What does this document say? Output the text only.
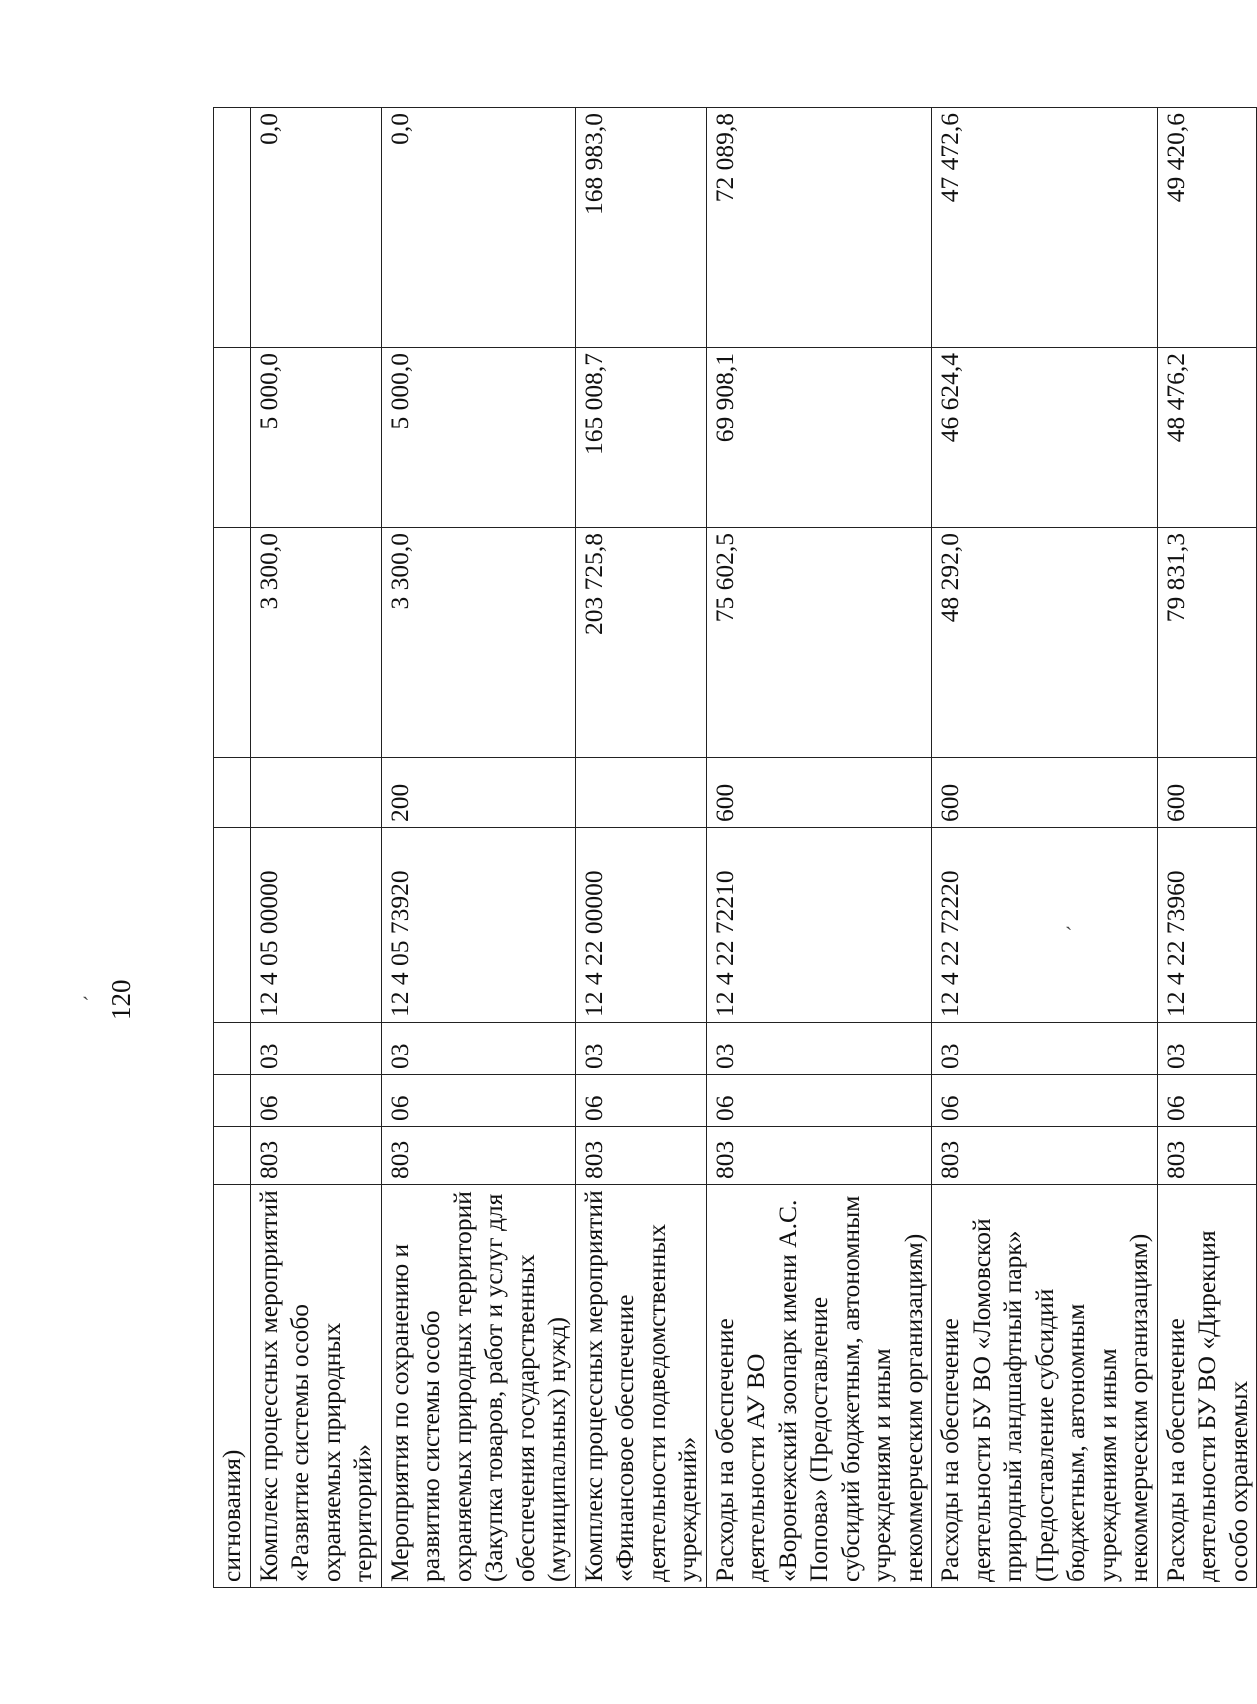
120
ˏ
ˏ
сигнования)								
Комплекс процессных мероприятий «Развитие системы особо охраняемых природных территорий»	803	06	03	12 4 05 00000		3 300,0	5 000,0	0,0
Мероприятия по сохранению и развитию системы особо охраняемых природных территорий (Закупка товаров, работ и услуг для обеспечения государственных (муниципальных) нужд)	803	06	03	12 4 05 73920	200	3 300,0	5 000,0	0,0
Комплекс процессных мероприятий «Финансовое обеспечение деятельности подведомственных учреждений»	803	06	03	12 4 22 00000		203 725,8	165 008,7	168 983,0
Расходы на обеспечение деятельности АУ ВО «Воронежский зоопарк имени А.С. Попова» (Предоставление субсидий бюджетным, автономным учреждениям и иным некоммерческим организациям)	803	06	03	12 4 22 72210	600	75 602,5	69 908,1	72 089,8
Расходы на обеспечение деятельности БУ ВО «Ломовской природный ландшафтный парк» (Предоставление субсидий бюджетным, автономным учреждениям и иным некоммерческим организациям)	803	06	03	12 4 22 72220	600	48 292,0	46 624,4	47 472,6
Расходы на обеспечение деятельности БУ ВО «Дирекция особо охраняемых	803	06	03	12 4 22 73960	600	79 831,3	48 476,2	49 420,6
